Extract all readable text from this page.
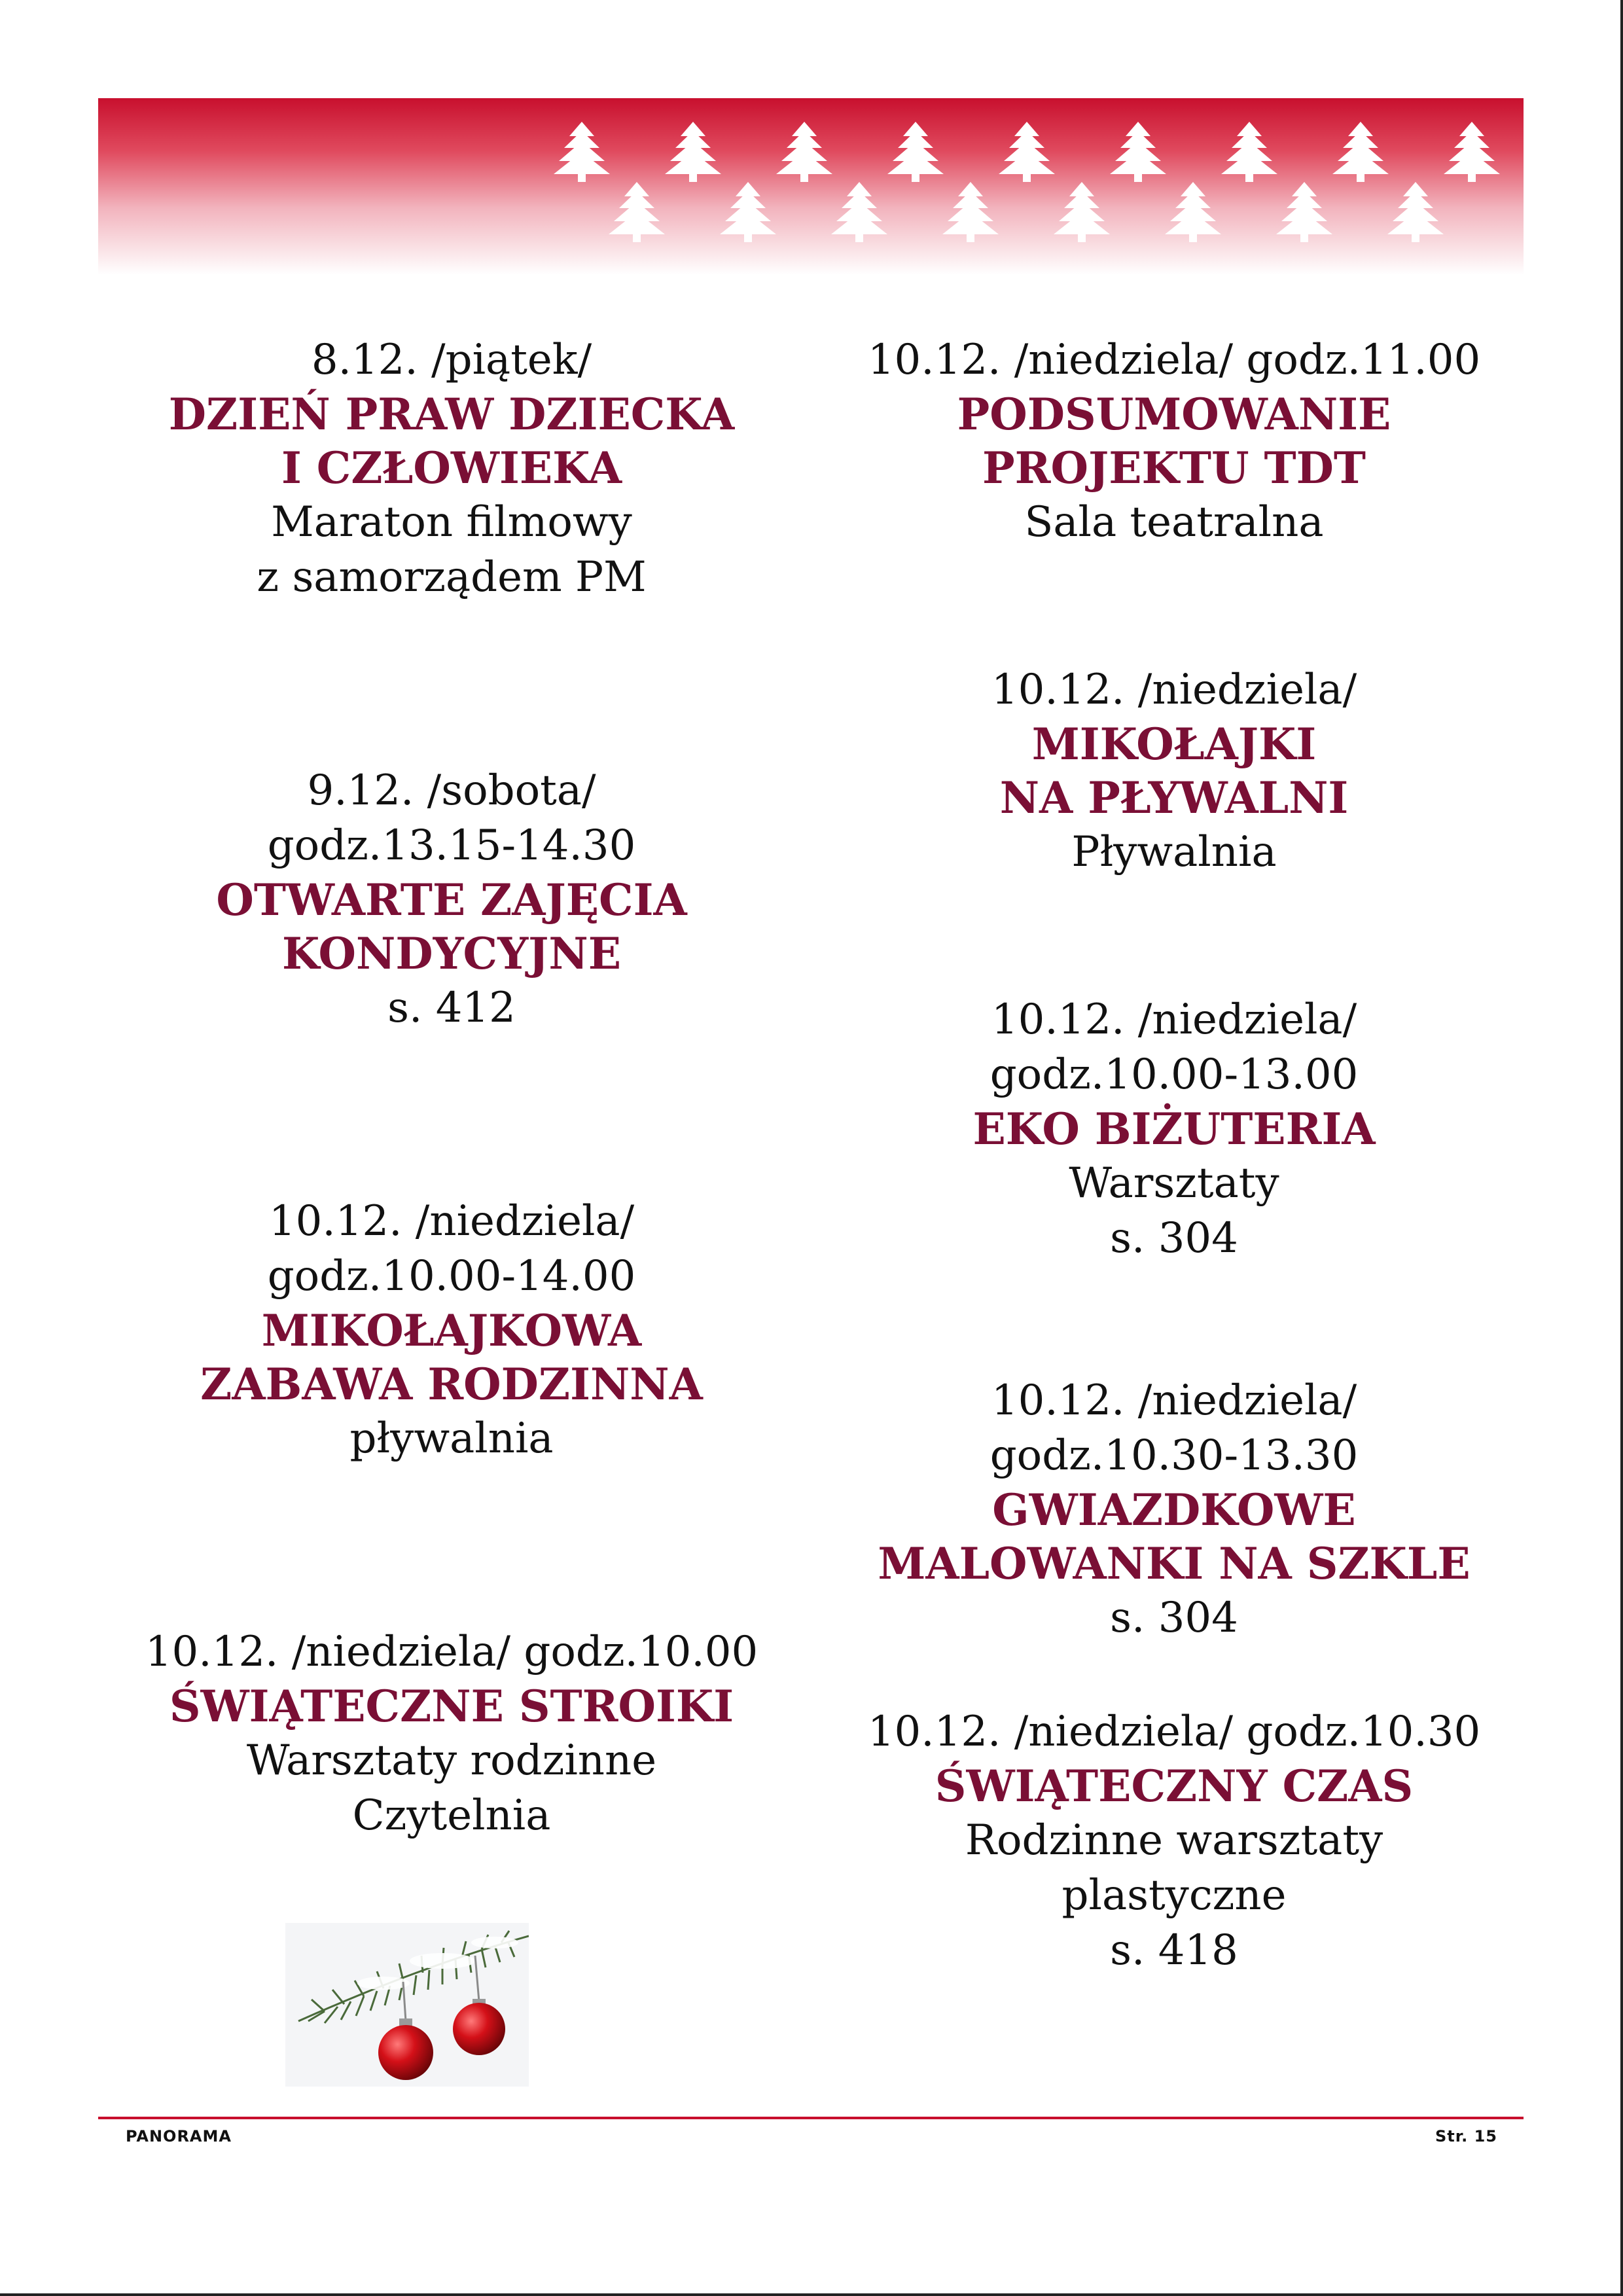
8.12. /piątek/
DZIEŃ PRAW DZIECKA
I CZŁOWIEKA
Maraton filmowy
z samorządem PM
9.12. /sobota/
godz.13.15-14.30
OTWARTE ZAJĘCIA
KONDYCYJNE
s. 412
10.12. /niedziela/
godz.10.00-14.00
MIKOŁAJKOWA
ZABAWA RODZINNA
pływalnia
10.12. /niedziela/ godz.10.00
ŚWIĄTECZNE STROIKI
Warsztaty rodzinne
Czytelnia
10.12. /niedziela/ godz.11.00
PODSUMOWANIE
PROJEKTU TDT
Sala teatralna
10.12. /niedziela/
MIKOŁAJKI
NA PŁYWALNI
Pływalnia
10.12. /niedziela/
godz.10.00-13.00
EKO BIŻUTERIA
Warsztaty
s. 304
10.12. /niedziela/
godz.10.30-13.30
GWIAZDKOWE
MALOWANKI NA SZKLE
s. 304
10.12. /niedziela/ godz.10.30
ŚWIĄTECZNY CZAS
Rodzinne warsztaty
plastyczne
s. 418
PANORAMA	Str. 15
